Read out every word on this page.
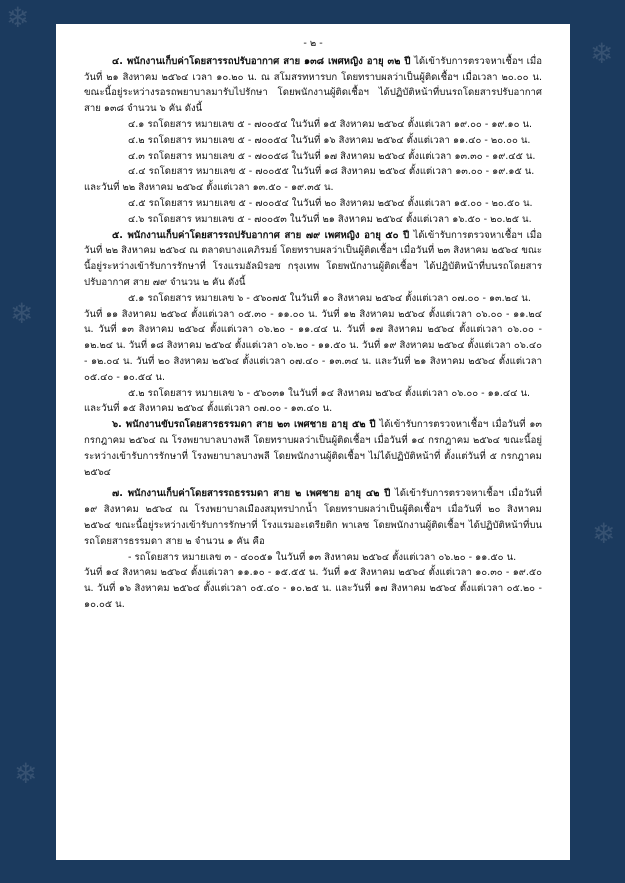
❄
❄
❄
❄
❄
- ๒ -

๔. พนักงานเก็บค่าโดยสารรถปรับอากาศ สาย ๑๓๘ เพศหญิง อายุ ๓๒ ปี ได้เข้ารับการตรวจหาเชื้อฯ เมื่อวันที่ ๒๑ สิงหาคม ๒๕๖๔ เวลา ๑๐.๒๐ น. ณ สโมสรทหารบก โดยทราบผลว่าเป็นผู้ติดเชื้อฯ เมื่อเวลา ๒๐.๐๐ น. ขณะนี้อยู่ระหว่างรอรถพยาบาลมารับไปรักษา โดยพนักงานผู้ติดเชื้อฯ ได้ปฏิบัติหน้าที่บนรถโดยสารปรับอากาศ สาย ๑๓๘ จำนวน ๖ คัน ดังนี้

๔.๑ รถโดยสาร หมายเลข ๕ - ๗๐๐๕๔ ในวันที่ ๑๕ สิงหาคม ๒๕๖๔ ตั้งแต่เวลา ๑๙.๐๐ - ๑๙.๑๐ น.

๔.๒ รถโดยสาร หมายเลข ๕ - ๗๐๐๕๔ ในวันที่ ๑๖ สิงหาคม ๒๕๖๔ ตั้งแต่เวลา ๑๑.๔๐ - ๒๐.๐๐ น.

๔.๓ รถโดยสาร หมายเลข ๕ - ๗๐๐๕๘ ในวันที่ ๑๗ สิงหาคม ๒๕๖๔ ตั้งแต่เวลา ๑๓.๓๐ - ๑๙.๔๕ น.

๔.๔ รถโดยสาร หมายเลข ๕ - ๗๐๐๕๕ ในวันที่ ๑๘ สิงหาคม ๒๕๖๔ ตั้งแต่เวลา ๑๓.๐๐ - ๑๙.๑๕ น.

และวันที่ ๒๒ สิงหาคม ๒๕๖๔ ตั้งแต่เวลา ๑๓.๕๐ - ๑๙.๓๕ น.

๔.๕ รถโดยสาร หมายเลข ๕ - ๗๐๐๕๔ ในวันที่ ๒๐ สิงหาคม ๒๕๖๔ ตั้งแต่เวลา ๑๕.๐๐ - ๒๐.๕๐ น.

๔.๖ รถโดยสาร หมายเลข ๕ - ๗๐๐๕๓ ในวันที่ ๒๑ สิงหาคม ๒๕๖๔ ตั้งแต่เวลา ๑๖.๕๐ - ๒๐.๒๕ น.

๕. พนักงานเก็บค่าโดยสารรถปรับอากาศ สาย ๗๙ เพศหญิง อายุ ๕๐ ปี ได้เข้ารับการตรวจหาเชื้อฯ เมื่อวันที่ ๒๒ สิงหาคม ๒๕๖๔ ณ ตลาดบางแคภิรมย์ โดยทราบผลว่าเป็นผู้ติดเชื้อฯ เมื่อวันที่ ๒๓ สิงหาคม ๒๕๖๔ ขณะนี้อยู่ระหว่างเข้ารับการรักษาที่ โรงแรมอัลมิรอซ กรุงเทพ โดยพนักงานผู้ติดเชื้อฯ ได้ปฏิบัติหน้าที่บนรถโดยสารปรับอากาศ สาย ๗๙ จำนวน ๒ คัน ดังนี้

๕.๑ รถโดยสาร หมายเลข ๖ - ๕๖๐๗๕ ในวันที่ ๑๐ สิงหาคม ๒๕๖๔ ตั้งแต่เวลา ๐๗.๐๐ - ๑๓.๒๔ น.

วันที่ ๑๑ สิงหาคม ๒๕๖๔ ตั้งแต่เวลา ๐๕.๓๐ - ๑๑.๐๐ น. วันที่ ๑๒ สิงหาคม ๒๕๖๔ ตั้งแต่เวลา ๐๖.๐๐ - ๑๑.๒๔ น. วันที่ ๑๓ สิงหาคม ๒๕๖๔ ตั้งแต่เวลา ๐๖.๒๐ - ๑๑.๔๔ น. วันที่ ๑๗ สิงหาคม ๒๕๖๔ ตั้งแต่เวลา ๐๖.๐๐ - ๑๒.๒๔ น. วันที่ ๑๘ สิงหาคม ๒๕๖๔ ตั้งแต่เวลา ๐๖.๒๐ - ๑๑.๕๐ น. วันที่ ๑๙ สิงหาคม ๒๕๖๔ ตั้งแต่เวลา ๐๖.๔๐ - ๑๒.๐๔ น. วันที่ ๒๐ สิงหาคม ๒๕๖๔ ตั้งแต่เวลา ๐๗.๔๐ - ๑๓.๓๔ น. และวันที่ ๒๑ สิงหาคม ๒๕๖๔ ตั้งแต่เวลา ๐๕.๔๐ - ๑๐.๕๔ น.

๕.๒ รถโดยสาร หมายเลข ๖ - ๕๖๐๓๑ ในวันที่ ๑๔ สิงหาคม ๒๕๖๔ ตั้งแต่เวลา ๐๖.๐๐ - ๑๑.๔๔ น.

และวันที่ ๑๕ สิงหาคม ๒๕๖๔ ตั้งแต่เวลา ๐๗.๐๐ - ๑๓.๔๐ น.

๖. พนักงานขับรถโดยสารธรรมดา สาย ๒๓ เพศชาย อายุ ๕๒ ปี ได้เข้ารับการตรวจหาเชื้อฯ เมื่อวันที่ ๑๓ กรกฎาคม ๒๕๖๔ ณ โรงพยาบาลบางพลี โดยทราบผลว่าเป็นผู้ติดเชื้อฯ เมื่อวันที่ ๑๔ กรกฎาคม ๒๕๖๔ ขณะนี้อยู่ระหว่างเข้ารับการรักษาที่ โรงพยาบาลบางพลี โดยพนักงานผู้ติดเชื้อฯ ไม่ได้ปฏิบัติหน้าที่ ตั้งแต่วันที่ ๕ กรกฎาคม ๒๕๖๔

๗. พนักงานเก็บค่าโดยสารรถธรรมดา สาย ๒ เพศชาย อายุ ๔๒ ปี ได้เข้ารับการตรวจหาเชื้อฯ เมื่อวันที่ ๑๙ สิงหาคม ๒๕๖๔ ณ โรงพยาบาลเมืองสมุทรปากน้ำ โดยทราบผลว่าเป็นผู้ติดเชื้อฯ เมื่อวันที่ ๒๐ สิงหาคม ๒๕๖๔ ขณะนี้อยู่ระหว่างเข้ารับการรักษาที่ โรงแรมอะเดรียติก พาเลซ โดยพนักงานผู้ติดเชื้อฯ ได้ปฏิบัติหน้าที่บนรถโดยสารธรรมดา สาย ๒ จำนวน ๑ คัน คือ

- รถโดยสาร หมายเลข ๓ - ๔๐๐๕๑ ในวันที่ ๑๓ สิงหาคม ๒๕๖๔ ตั้งแต่เวลา ๐๖.๒๐ - ๑๑.๕๐ น.

วันที่ ๑๔ สิงหาคม ๒๕๖๔ ตั้งแต่เวลา ๑๑.๑๐ - ๑๕.๕๕ น. วันที่ ๑๕ สิงหาคม ๒๕๖๔ ตั้งแต่เวลา ๑๐.๓๐ - ๑๙.๕๐ น. วันที่ ๑๖ สิงหาคม ๒๕๖๔ ตั้งแต่เวลา ๐๕.๔๐ - ๑๐.๒๕ น. และวันที่ ๑๗ สิงหาคม ๒๕๖๔ ตั้งแต่เวลา ๐๕.๒๐ - ๑๐.๐๕ น.
